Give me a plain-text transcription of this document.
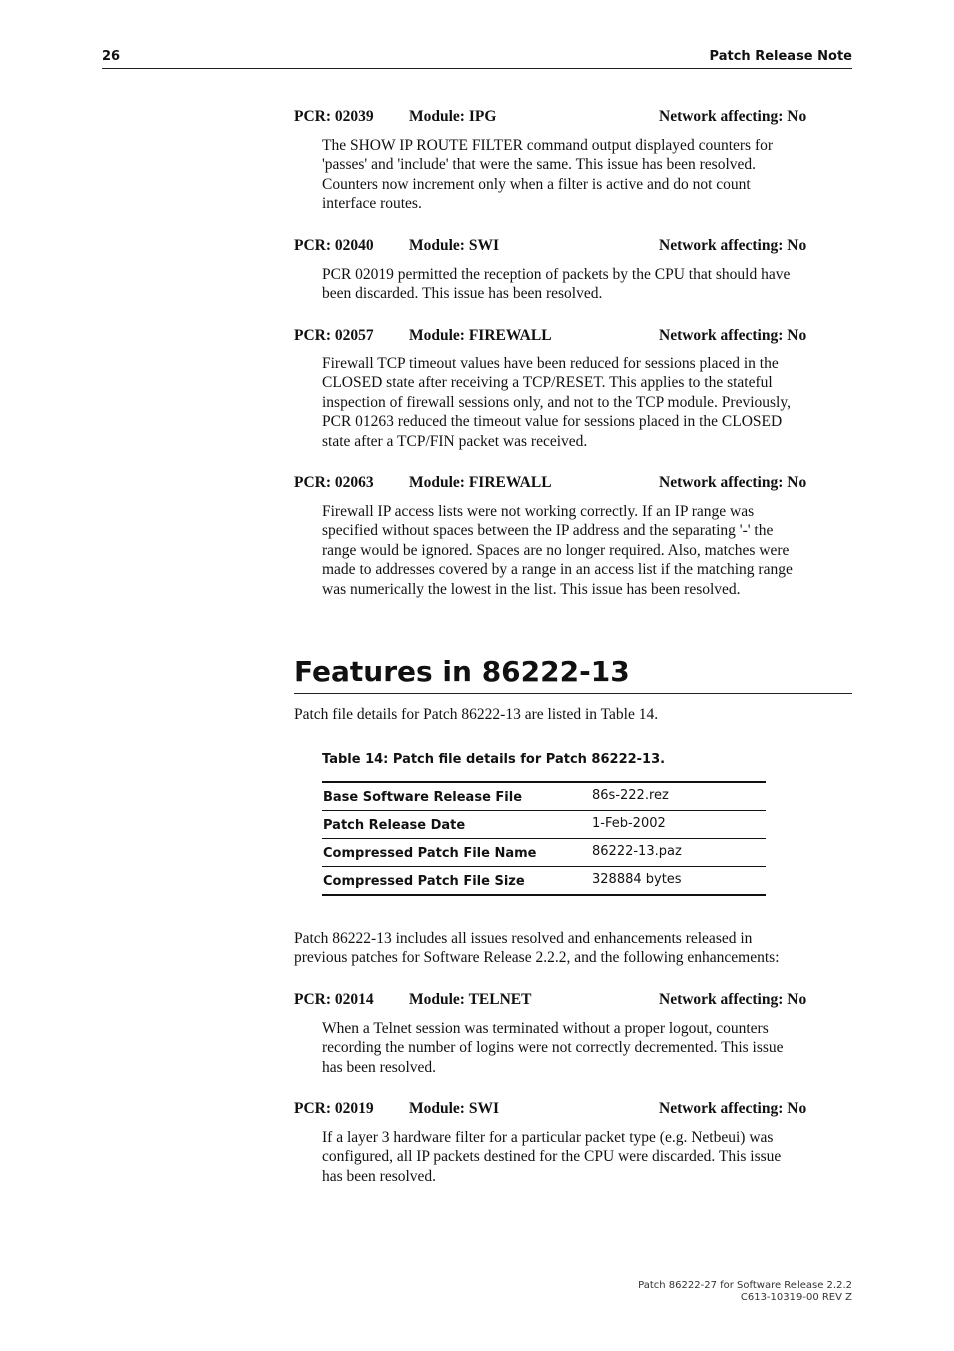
26	Patch Release Note
PCR: 02039 Module: IPG	Network affecting: No
The SHOW IP ROUTE FILTER command output displayed counters for
'passes' and 'include' that were the same. This issue has been resolved.
Counters now increment only when a filter is active and do not count
interface routes.
PCR: 02040 Module: SWI	Network affecting: No
PCR 02019 permitted the reception of packets by the CPU that should have
been discarded. This issue has been resolved.
PCR: 02057 Module: FIREWALL	Network affecting: No
Firewall TCP timeout values have been reduced for sessions placed in the
CLOSED state after receiving a TCP/RESET. This applies to the stateful
inspection of firewall sessions only, and not to the TCP module. Previously,
PCR 01263 reduced the timeout value for sessions placed in the CLOSED
state after a TCP/FIN packet was received.
PCR: 02063 Module: FIREWALL	Network affecting: No
Firewall IP access lists were not working correctly. If an IP range was
specified without spaces between the IP address and the separating '-' the
range would be ignored. Spaces are no longer required. Also, matches were
made to addresses covered by a range in an access list if the matching range
was numerically the lowest in the list. This issue has been resolved.
Features in 86222-13
Patch file details for Patch 86222-13 are listed in Table 14.
Table 14: Patch file details for Patch 86222-13.
Base Software Release File	86s-222.rez
Patch Release Date	1-Feb-2002
Compressed Patch File Name	86222-13.paz
Compressed Patch File Size	328884 bytes
Patch 86222-13 includes all issues resolved and enhancements released in
previous patches for Software Release 2.2.2, and the following enhancements:
PCR: 02014 Module: TELNET	Network affecting: No
When a Telnet session was terminated without a proper logout, counters
recording the number of logins were not correctly decremented. This issue
has been resolved.
PCR: 02019 Module: SWI	Network affecting: No
If a layer 3 hardware filter for a particular packet type (e.g. Netbeui) was
configured, all IP packets destined for the CPU were discarded. This issue
has been resolved.
Patch 86222-27 for Software Release 2.2.2
C613-10319-00 REV Z
